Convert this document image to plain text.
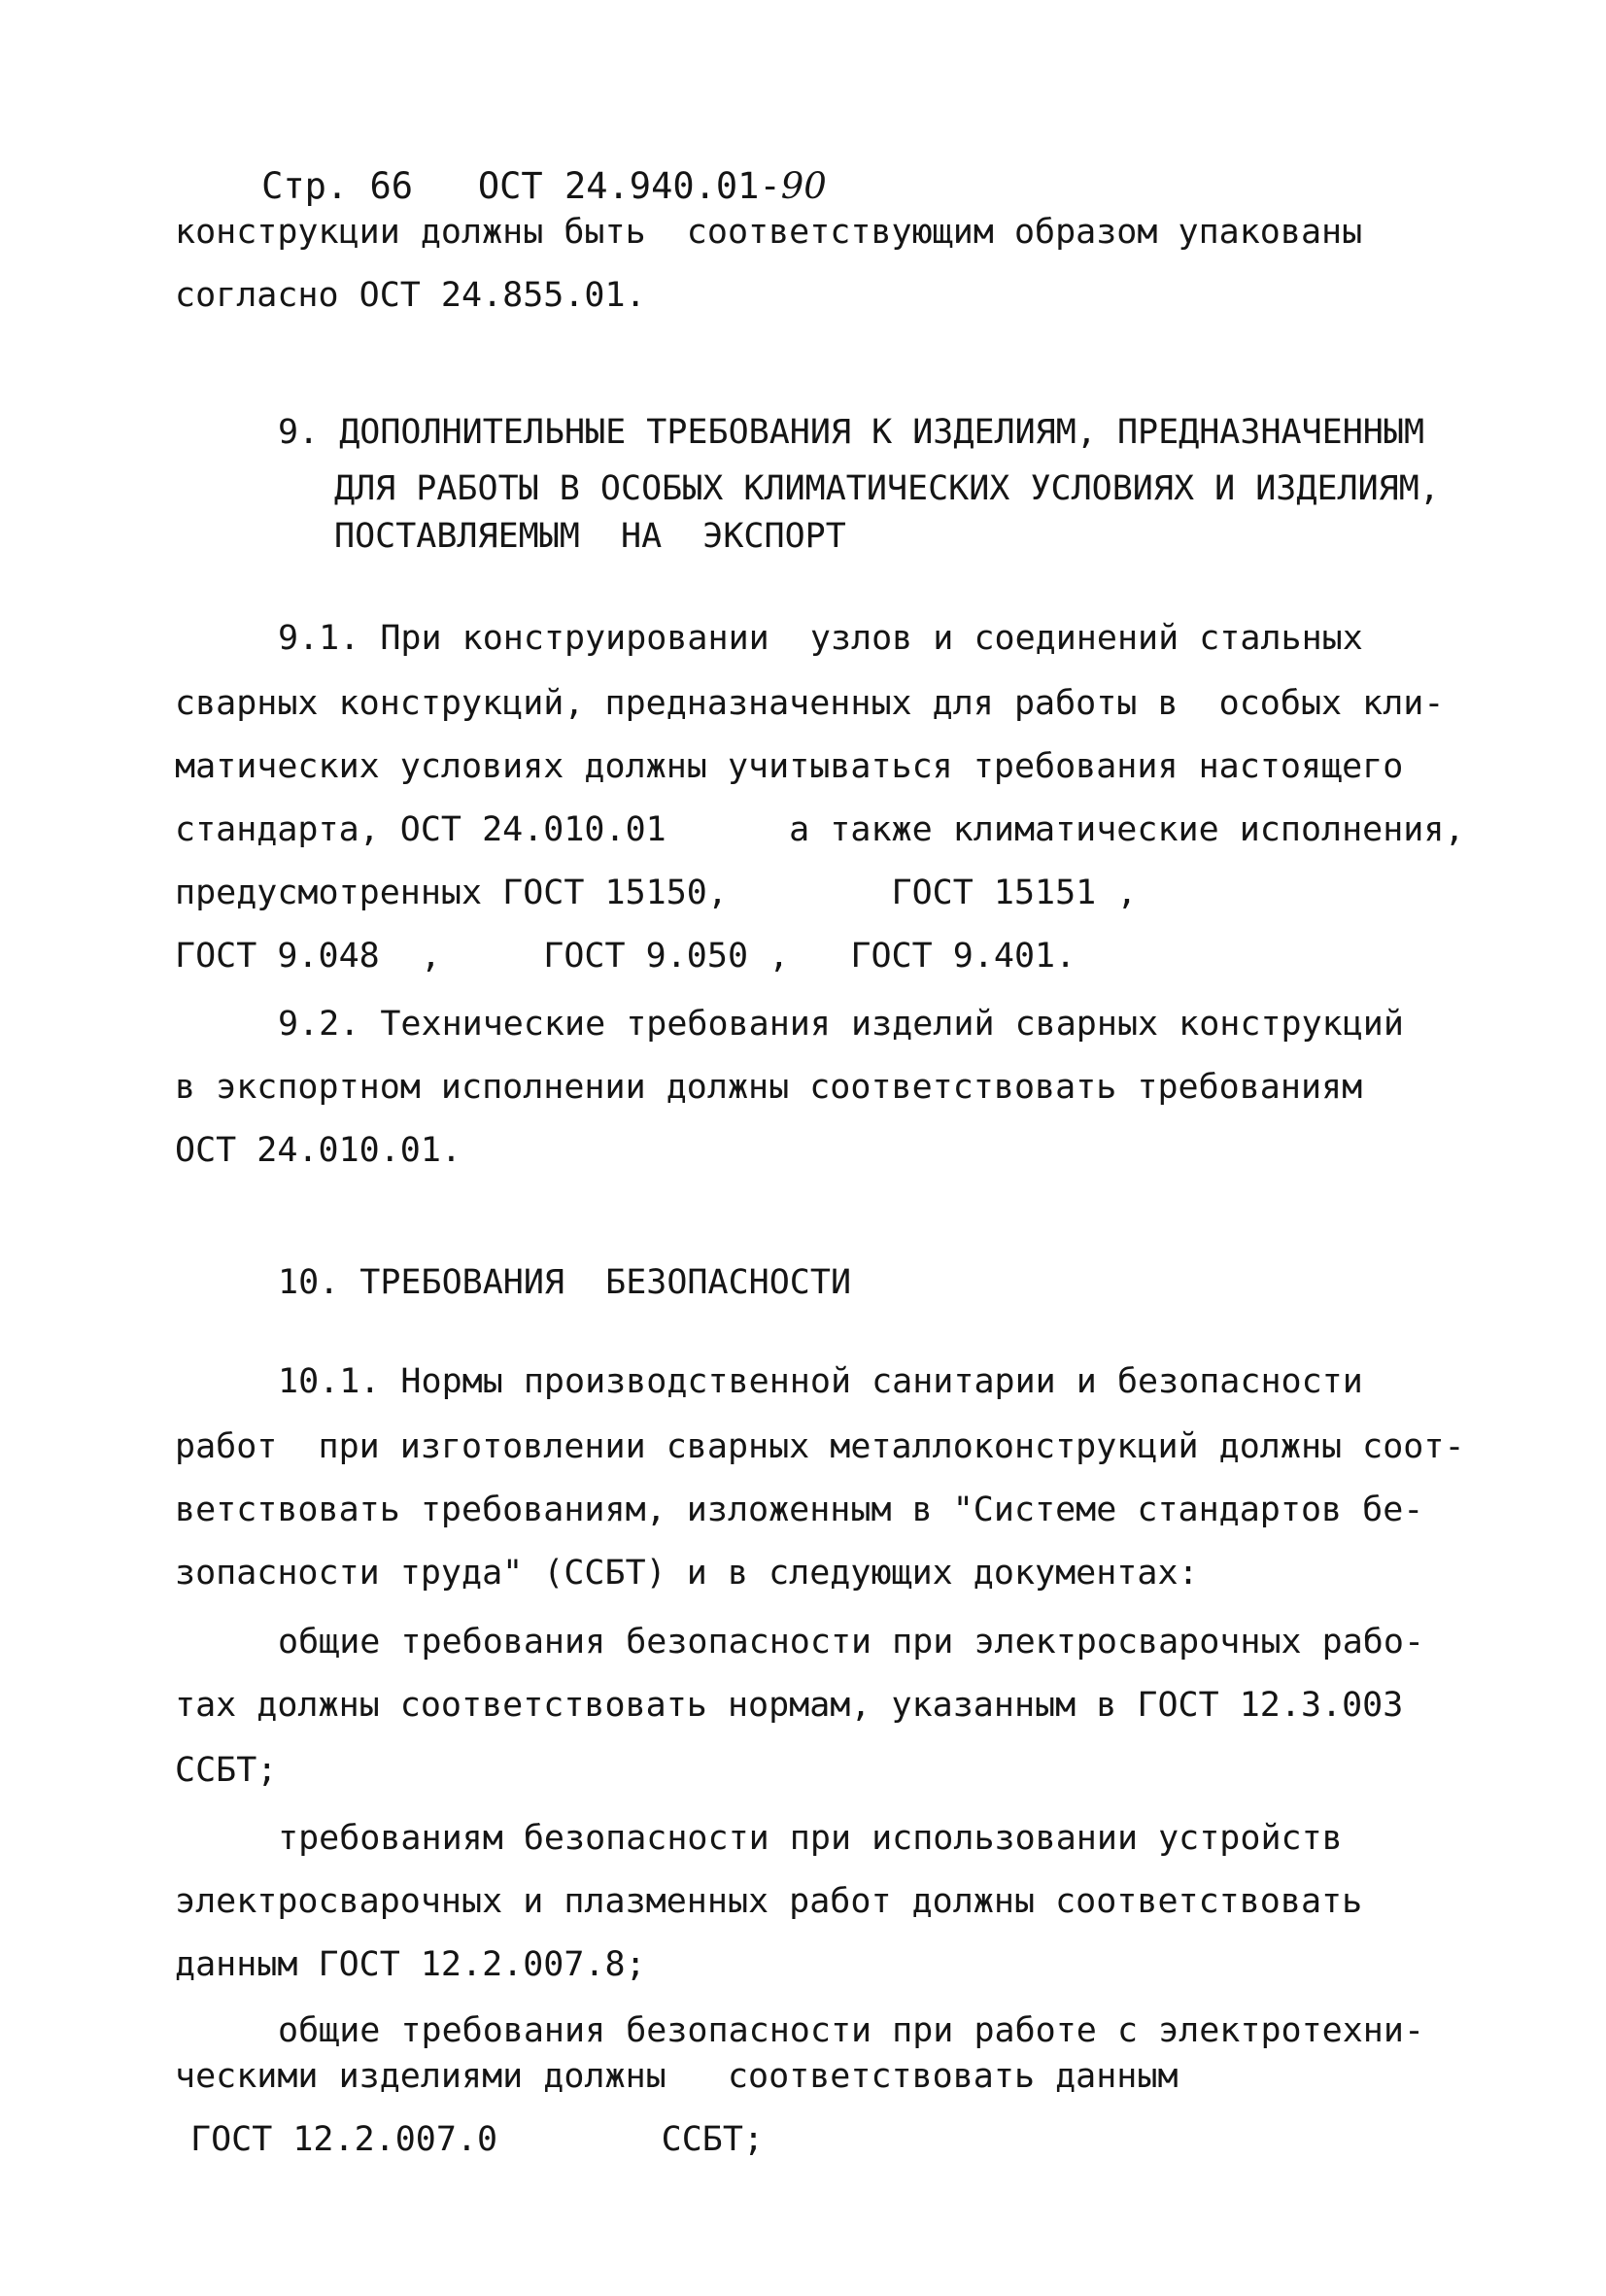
Стр. 66 ОСТ 24.940.01-90

конструкции должны быть  соответствующим образом упакованы
согласно ОСТ 24.855.01.
9. ДОПОЛНИТЕЛЬНЫЕ ТРЕБОВАНИЯ К ИЗДЕЛИЯМ, ПРЕДНАЗНАЧЕННЫМ
ДЛЯ РАБОТЫ В ОСОБЫХ КЛИМАТИЧЕСКИХ УСЛОВИЯХ И ИЗДЕЛИЯМ,
ПОСТАВЛЯЕМЫМ  НА  ЭКСПОРТ
9.1. При конструировании  узлов и соединений стальных
сварных конструкций, предназначенных для работы в  особых кли-
матических условиях должны учитываться требования настоящего
стандарта, ОСТ 24.010.01      а также климатические исполнения,
предусмотренных ГОСТ 15150,        ГОСТ 15151 ,
ГОСТ 9.048  ,     ГОСТ 9.050 ,   ГОСТ 9.401.
9.2. Технические требования изделий сварных конструкций
в экспортном исполнении должны соответствовать требованиям
ОСТ 24.010.01.
10. ТРЕБОВАНИЯ  БЕЗОПАСНОСТИ
10.1. Нормы производственной санитарии и безопасности
работ  при изготовлении сварных металлоконструкций должны соот-
ветствовать требованиям, изложенным в "Системе стандартов бе-
зопасности труда" (ССБТ) и в следующих документах:
общие требования безопасности при электросварочных рабо-
тах должны соответствовать нормам, указанным в ГОСТ 12.3.003
ССБТ;
требованиям безопасности при использовании устройств
электросварочных и плазменных работ должны соответствовать
данным ГОСТ 12.2.007.8;
общие требования безопасности при работе с электротехни-
ческими изделиями должны   соответствовать данным
ГОСТ 12.2.007.0        ССБТ;
